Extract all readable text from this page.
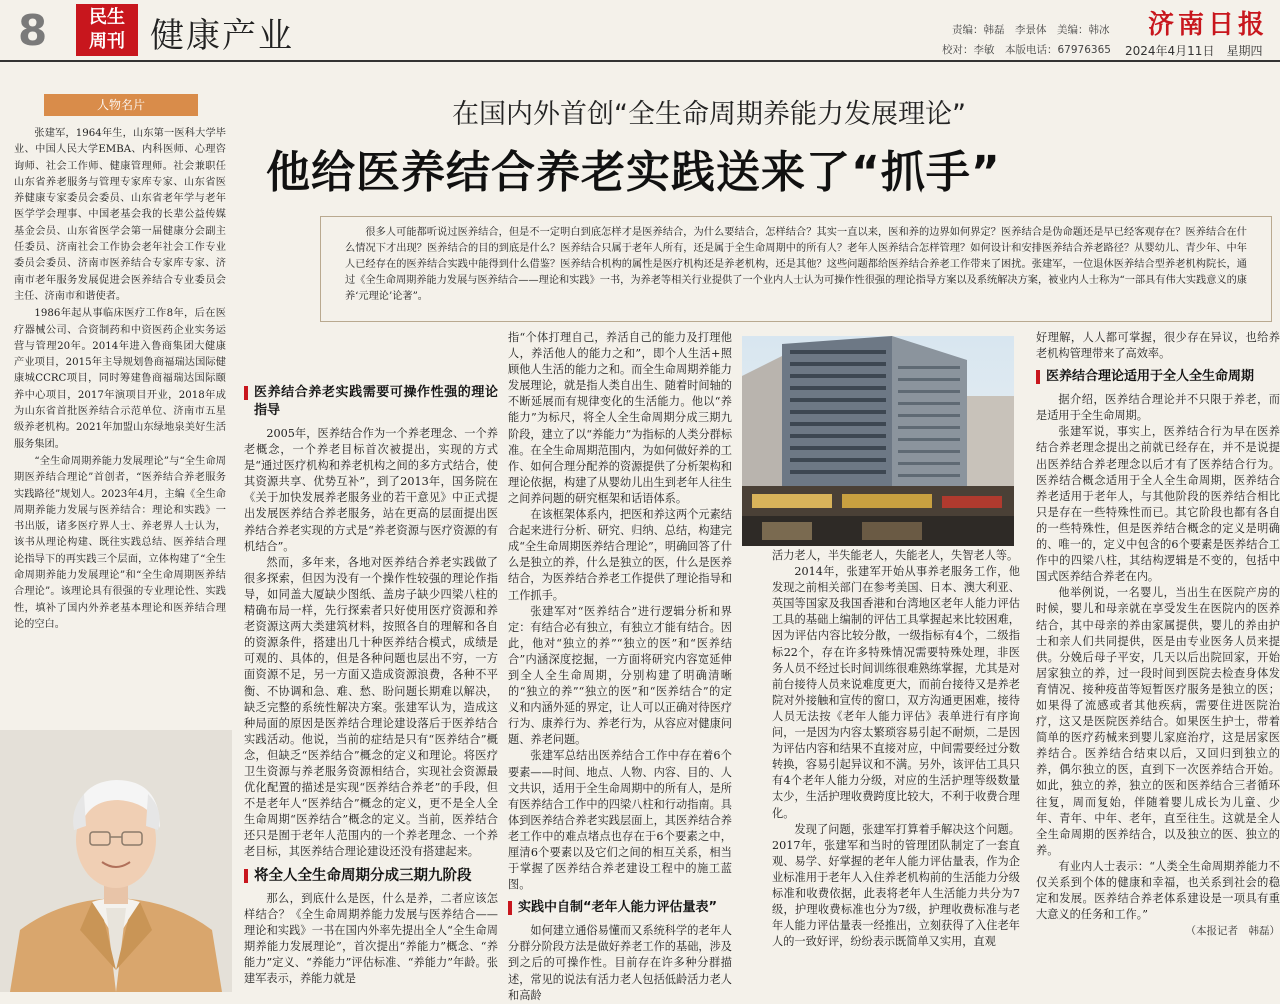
8	民生
周刊 健康产业	责编：韩磊　李景体　美编：韩冰
校对：李敏　本版电话：67976365
济南日报
2024年4月11日　星期四
人物名片

张建军，1964年生，山东第一医科大学毕业、中国人民大学EMBA、内科医师、心理咨询师、社会工作师、健康管理师。社会兼职任山东省养老服务与管理专家库专家、山东省医养健康专家委员会委员、山东省老年学与老年医学学会理事、中国老基会我的长辈公益传媒基金会员、山东省医学会第一届健康分会副主任委员、济南社会工作协会老年社会工作专业委员会委员、济南市医养结合专家库专家、济南市老年服务发展促进会医养结合专业委员会主任、济南市和谐使者。

1986年起从事临床医疗工作8年，后在医疗器械公司、合资制药和中资医药企业实务运营与管理20年。2014年进入鲁商集团大健康产业项目，2015年主导规划鲁商福瑞达国际健康城CCRC项目，同时筹建鲁商福瑞达国际颐养中心项目，2017年演项目开业，2018年成为山东省首批医养结合示范单位、济南市五星级养老机构。2021年加盟山东绿地泉美好生活服务集团。

“全生命周期养能力发展理论”与“全生命周期医养结合理论”首创者，“医养结合养老服务实践路径”规划人。2023年4月，主编《全生命周期养能力发展与医养结合：理论和实践》一书出版，诸多医疗界人士、养老界人士认为，该书从理论构建、既往实践总结、医养结合理论指导下的再实践三个层面，立体构建了“全生命周期养能力发展理论”和“全生命周期医养结合理论”。该理论具有很强的专业理论性、实践性，填补了国内外养老基本理论和医养结合理论的空白。

在国内外首创“全生命周期养能力发展理论”
他给医养结合养老实践送来了“抓手”
很多人可能都听说过医养结合，但是不一定明白到底怎样才是医养结合，为什么要结合，怎样结合？其实一直以来，医和养的边界如何界定？医养结合是伪命题还是早已经客观存在？医养结合在什么情况下才出现？医养结合的目的到底是什么？医养结合只属于老年人所有，还是属于全生命周期中的所有人？老年人医养结合怎样管理？如何设计和安排医养结合养老路径？从婴幼儿、青少年、中年人已经存在的医养结合实践中能得到什么借鉴？医养结合机构的属性是医疗机构还是养老机构，还是其他？这些问题都给医养结合养老工作带来了困扰。张建军，一位退休医养结合型养老机构院长，通过《全生命周期养能力发展与医养结合——理论和实践》一书，为养老等相关行业提供了一个业内人士认为可操作性很强的理论指导方案以及系统解决方案，被业内人士称为“一部具有伟大实践意义的康养‘元理论’论著”。
医养结合养老实践需要可操作性强的理论指导

2005年，医养结合作为一个养老理念、一个养老概念，一个养老目标首次被提出，实现的方式是“通过医疗机构和养老机构之间的多方式结合，使其资源共享、优势互补”，到了2013年，国务院在《关于加快发展养老服务业的若干意见》中正式提出发展医养结合养老服务，站在更高的层面提出医养结合养老实现的方式是“养老资源与医疗资源的有机结合”。

然而，多年来，各地对医养结合养老实践做了很多探索，但因为没有一个操作性较强的理论作指导，如同盖大厦缺少图纸、盖房子缺少四梁八柱的精确布局一样，先行探索者只好使用医疗资源和养老资源这两大类建筑材料，按照各自的理解和各自的资源条件，搭建出几十种医养结合模式，成绩是可观的、具体的，但是各种问题也层出不穷，一方面资源不足，另一方面又造成资源浪费，各种不平衡、不协调和急、难、愁、盼问题长期难以解决，缺乏完整的系统性解决方案。张建军认为，造成这种局面的原因是医养结合理论建设落后于医养结合实践活动。他说，当前的症结是只有“医养结合”概念，但缺乏“医养结合”概念的定义和理论。将医疗卫生资源与养老服务资源相结合，实现社会资源最优化配置的描述是实现“医养结合养老”的手段，但不是老年人“医养结合”概念的定义，更不是全人全生命周期“医养结合”概念的定义。当前，医养结合还只是囿于老年人范围内的一个养老理念、一个养老目标，其医养结合理论建设还没有搭建起来。

将全人全生命周期分成三期九阶段

那么，到底什么是医，什么是养，二者应该怎样结合？《全生命周期养能力发展与医养结合——理论和实践》一书在国内外率先提出全人“全生命周期养能力发展理论”，首次提出“养能力”概念、“养能力”定义、“养能力”评估标准、“养能力”年龄。张建军表示，养能力就是

指“个体打理自己，养活自己的能力及打理他人，养活他人的能力之和”，即个人生活+照顾他人生活的能力之和。而全生命周期养能力发展理论，就是指人类自出生、随着时间轴的不断延展而有规律变化的生活能力。他以“养能力”为标尺，将全人全生命周期分成三期九阶段，建立了以“养能力”为指标的人类分群标准。在全生命周期范围内，为如何做好养的工作、如何合理分配养的资源提供了分析架构和理论依据，构建了从婴幼儿出生到老年人往生之间养问题的研究框架和话语体系。

在该框架体系内，把医和养这两个元素结合起来进行分析、研究、归纳、总结，构建完成“全生命周期医养结合理论”，明确回答了什么是独立的养，什么是独立的医，什么是医养结合，为医养结合养老工作提供了理论指导和工作抓手。

张建军对“医养结合”进行逻辑分析和界定：有结合必有独立，有独立才能有结合。因此，他对“独立的养”“独立的医”和“医养结合”内涵深度挖掘，一方面将研究内容宽延伸到全人全生命周期，分别构建了明确清晰的“独立的养”“独立的医”和“医养结合”的定义和内涵外延的界定，让人可以正确对待医疗行为、康养行为、养老行为，从容应对健康问题、养老问题。

张建军总结出医养结合工作中存在着6个要素——时间、地点、人物、内容、目的、人文共识，适用于全生命周期中的所有人，是所有医养结合工作中的四梁八柱和行动指南。具体到医养结合养老实践层面上，其医养结合养老工作中的难点堵点也存在于6个要素之中，厘清6个要素以及它们之间的相互关系，相当于掌握了医养结合养老建设工程中的施工蓝图。

实践中自制“老年人能力评估量表”

如何建立通俗易懂而又系统科学的老年人分群分阶段方法是做好养老工作的基础，涉及到之后的可操作性。目前存在许多种分群描述，常见的说法有活力老人包括低龄活力老人和高龄

活力老人，半失能老人，失能老人，失智老人等。

2014年，张建军开始从事养老服务工作，他发现之前相关部门在参考美国、日本、澳大利亚、英国等国家及我国香港和台湾地区老年人能力评估工具的基础上编制的评估工具掌握起来比较困难，因为评估内容比较分散，一级指标有4个，二级指标22个，存在许多特殊情况需要特殊处理，非医务人员不经过长时间训练很难熟练掌握，尤其是对前台接待人员来说难度更大，而前台接待又是养老院对外接触和宣传的窗口，双方沟通更困难，接待人员无法按《老年人能力评估》表单进行有序询问，一是因为内容太繁琐容易引起不耐烦，二是因为评估内容和结果不直接对应，中间需要经过分数转换，容易引起异议和不满。另外，该评估工具只有4个老年人能力分级，对应的生活护理等级数量太少，生活护理收费跨度比较大，不利于收费合理化。

发现了问题，张建军打算着手解决这个问题。2017年，张建军和当时的管理团队制定了一套直观、易学、好掌握的老年人能力评估量表，作为企业标准用于老年人入住养老机构前的生活能力分级标准和收费依据，此表将老年人生活能力共分为7级，护理收费标准也分为7级，护理收费标准与老年人能力评估量表一经推出，立刻获得了入住老年人的一致好评，纷纷表示既简单又实用，直观

好理解，人人都可掌握，很少存在异议，也给养老机构管理带来了高效率。

医养结合理论适用于全人全生命周期

据介绍，医养结合理论并不只限于养老，而是适用于全生命周期。

张建军说，事实上，医养结合行为早在医养结合养老理念提出之前就已经存在，并不是说提出医养结合养老理念以后才有了医养结合行为。医养结合概念适用于全人全生命周期，医养结合养老适用于老年人，与其他阶段的医养结合相比只是存在一些特殊性而已。其它阶段也都有各自的一些特殊性，但是医养结合概念的定义是明确的、唯一的，定义中包含的6个要素是医养结合工作中的四梁八柱，其结构逻辑是不变的，包括中国式医养结合养老在内。

他举例说，一名婴儿，当出生在医院产房的时候，婴儿和母亲就在享受发生在医院内的医养结合，其中母亲的养由家属提供，婴儿的养由护士和亲人们共同提供，医是由专业医务人员来提供。分娩后母子平安，几天以后出院回家，开始居家独立的养，过一段时间到医院去检查身体发育情况、接种疫苗等短暂医疗服务是独立的医；如果得了流感或者其他疾病，需要住进医院治疗，这又是医院医养结合。如果医生护士，带着简单的医疗药械来到婴儿家庭治疗，这是居家医养结合。医养结合结束以后，又回归到独立的养，偶尔独立的医，直到下一次医养结合开始。如此，独立的养，独立的医和医养结合三者循环往复，周而复始，伴随着婴儿成长为儿童、少年、青年、中年、老年，直至往生。这就是全人全生命周期的医养结合，以及独立的医、独立的养。

有业内人士表示：“人类全生命周期养能力不仅关系到个体的健康和幸福，也关系到社会的稳定和发展。医养结合养老体系建设是一项具有重大意义的任务和工作。”

（本报记者　韩磊）
